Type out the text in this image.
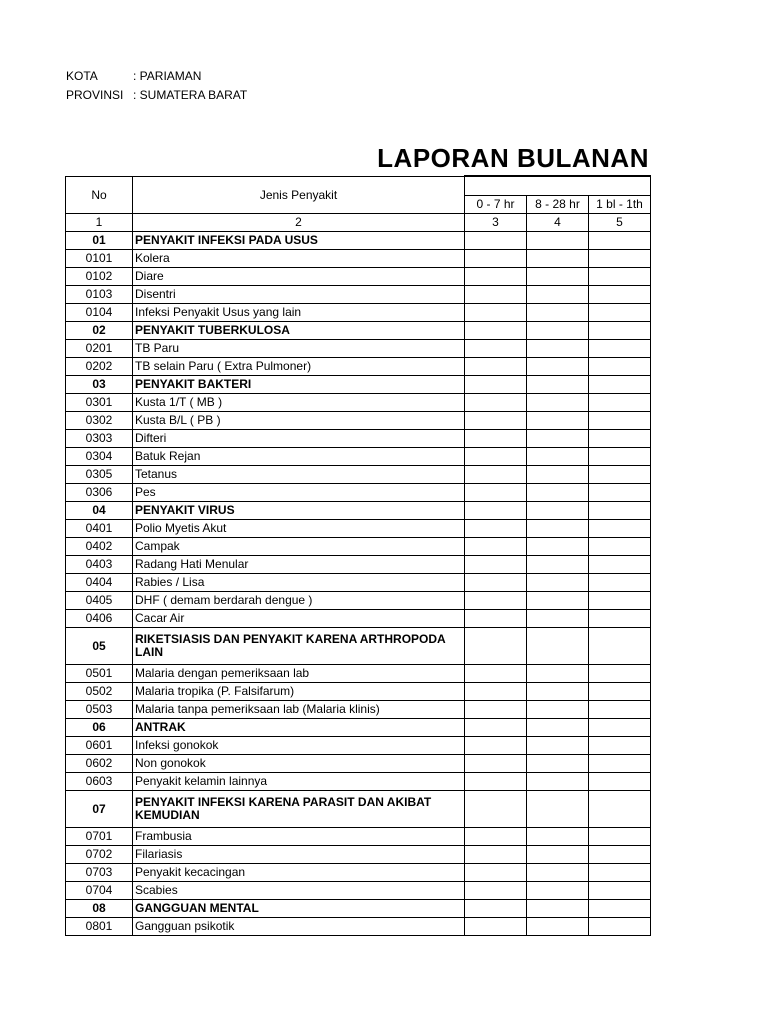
KOTA	: PARIAMAN
PROVINSI : SUMATERA BARAT
LAPORAN BULANAN
No	Jenis Penyakit			
		0 - 7 hr	8 - 28 hr	1 bl - 1th
1	2	3	4	5
01	PENYAKIT INFEKSI PADA USUS			
0101	Kolera			
0102	Diare			
0103	Disentri			
0104	Infeksi Penyakit Usus yang lain			
02	PENYAKIT TUBERKULOSA			
0201	TB Paru			
0202	TB selain Paru ( Extra Pulmoner)			
03	PENYAKIT BAKTERI			
0301	Kusta 1/T ( MB )			
0302	Kusta B/L ( PB )			
0303	Difteri			
0304	Batuk Rejan			
0305	Tetanus			
0306	Pes			
04	PENYAKIT VIRUS			
0401	Polio Myetis Akut			
0402	Campak			
0403	Radang Hati Menular			
0404	Rabies / Lisa			
0405	DHF ( demam berdarah dengue )			
0406	Cacar Air			
05	RIKETSIASIS DAN PENYAKIT KARENA ARTHROPODA LAIN			
0501	Malaria dengan pemeriksaan lab			
0502	Malaria tropika (P. Falsifarum)			
0503	Malaria tanpa pemeriksaan lab (Malaria klinis)			
06	ANTRAK			
0601	Infeksi gonokok			
0602	Non gonokok			
0603	Penyakit kelamin lainnya			
07	PENYAKIT INFEKSI KARENA PARASIT DAN AKIBAT KEMUDIAN			
0701	Frambusia			
0702	Filariasis			
0703	Penyakit kecacingan			
0704	Scabies			
08	GANGGUAN MENTAL			
0801	Gangguan psikotik			
